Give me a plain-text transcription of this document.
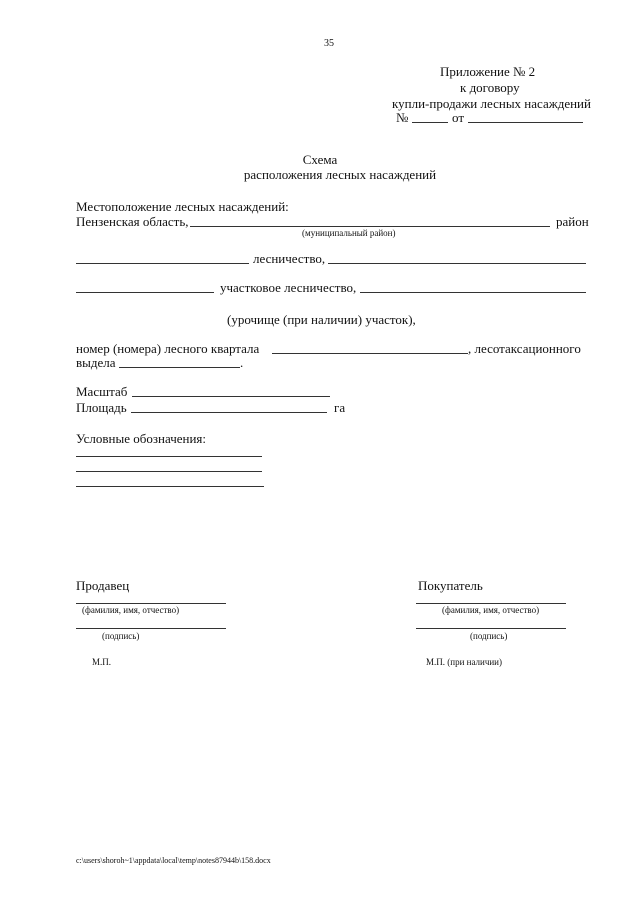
35
Приложение № 2
к договору
купли-продажи лесных насаждений
№	от
Схема
расположения лесных насаждений
Местоположение лесных насаждений:
Пензенская область,	район
(муниципальный район)
лесничество,
участковое лесничество,
(урочище (при наличии) участок),
номер (номера) лесного квартала	, лесотаксационного
выдела	.
Масштаб
Площадь	га
Условные обозначения:
Продавец
(фамилия, имя, отчество)
(подпись)
М.П.
Покупатель
(фамилия, имя, отчество)
(подпись)
М.П. (при наличии)
c:\users\shoroh~1\appdata\local\temp\notes87944b\158.docx
